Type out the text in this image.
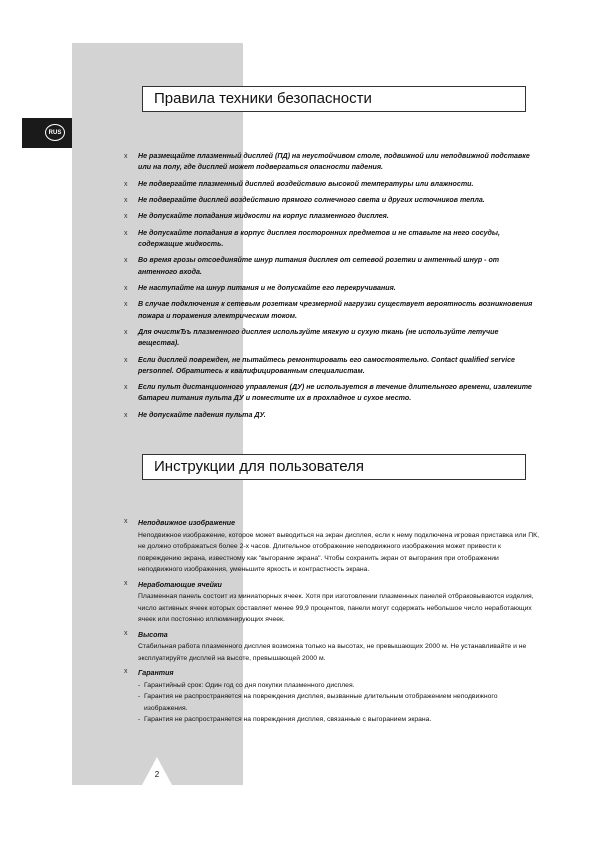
2
RUS
Правила техники безопасности
x Не размещайте плазменный дисплей (ПД) на неустойчивом столе, подвижной или неподвижной подставке или на полу, где дисплей может подвергаться опасности падения.
x Не подвергайте плазменный дисплей воздействию высокой температуры или влажности.
x Не подвергайте дисплей воздействию прямого солнечного света и других источников тепла.
x Не допускайте попадания жидкости на корпус плазменного дисплея.
x Не допускайте попадания в корпус дисплея посторонних предметов и не ставьте на него сосуды, содержащие жидкость.
x Во время грозы отсоединяйте шнур питания дисплея от сетевой розетки и антенный шнур - от антенного входа.
x Не наступайте на шнур питания и не допускайте его перекручивания.
x В случае подключения к сетевым розеткам чрезмерной нагрузки существует вероятность возникновения пожара и поражения электрическим током.
x Для очисткЂъ плазменного дисплея используйте мягкую и сухую ткань (не используйте летучие вещества).
x Если дисплей поврежден, не пытайтесь ремонтировать его самостоятельно. Contact qualified service personnel. Обратитесь к квалифицированным специалистам.
x Если пульт дистанционного управления (ДУ) не используется в течение длительного времени, извлеките батареи питания пульта ДУ и поместите их в прохладное и сухое место.
x Не допускайте падения пульта ДУ.
Инструкции для пользователя
x Неподвижное изображение
Неподвижное изображение, которое может выводиться на экран дисплея, если к нему подключена игровая приставка или ПК, не должно отображаться более 2-х часов. Длительное отображение неподвижного изображения может привести к повреждению экрана, известному как "выгорание экрана". Чтобы сохранить экран от выгорания при отображении неподвижного изображения, уменьшите яркость и контрастность экрана.
x Неработающие ячейки
Плазменная панель состоит из миниатюрных ячеек. Хотя при изготовлении плазменных панелей отбраковываются изделия, число активных ячеек которых составляет менее 99,9 процентов, панели могут содержать небольшое число неработающих ячеек или постоянно иллюминирующих ячеек.
x Высота
Стабильная работа плазменного дисплея возможна только на высотах, не превышающих 2000 м. Не устанавливайте и не эксплуатируйте дисплей на высоте, превышающей 2000 м.
x Гарантия
- Гарантийный срок: Один год со дня покупки плазменного дисплея.
- Гарантия не распространяется на повреждения дисплея, вызванные длительным отображением неподвижного изображения.
- Гарантия не распространяется на повреждения дисплея, связанные с выгоранием экрана.
